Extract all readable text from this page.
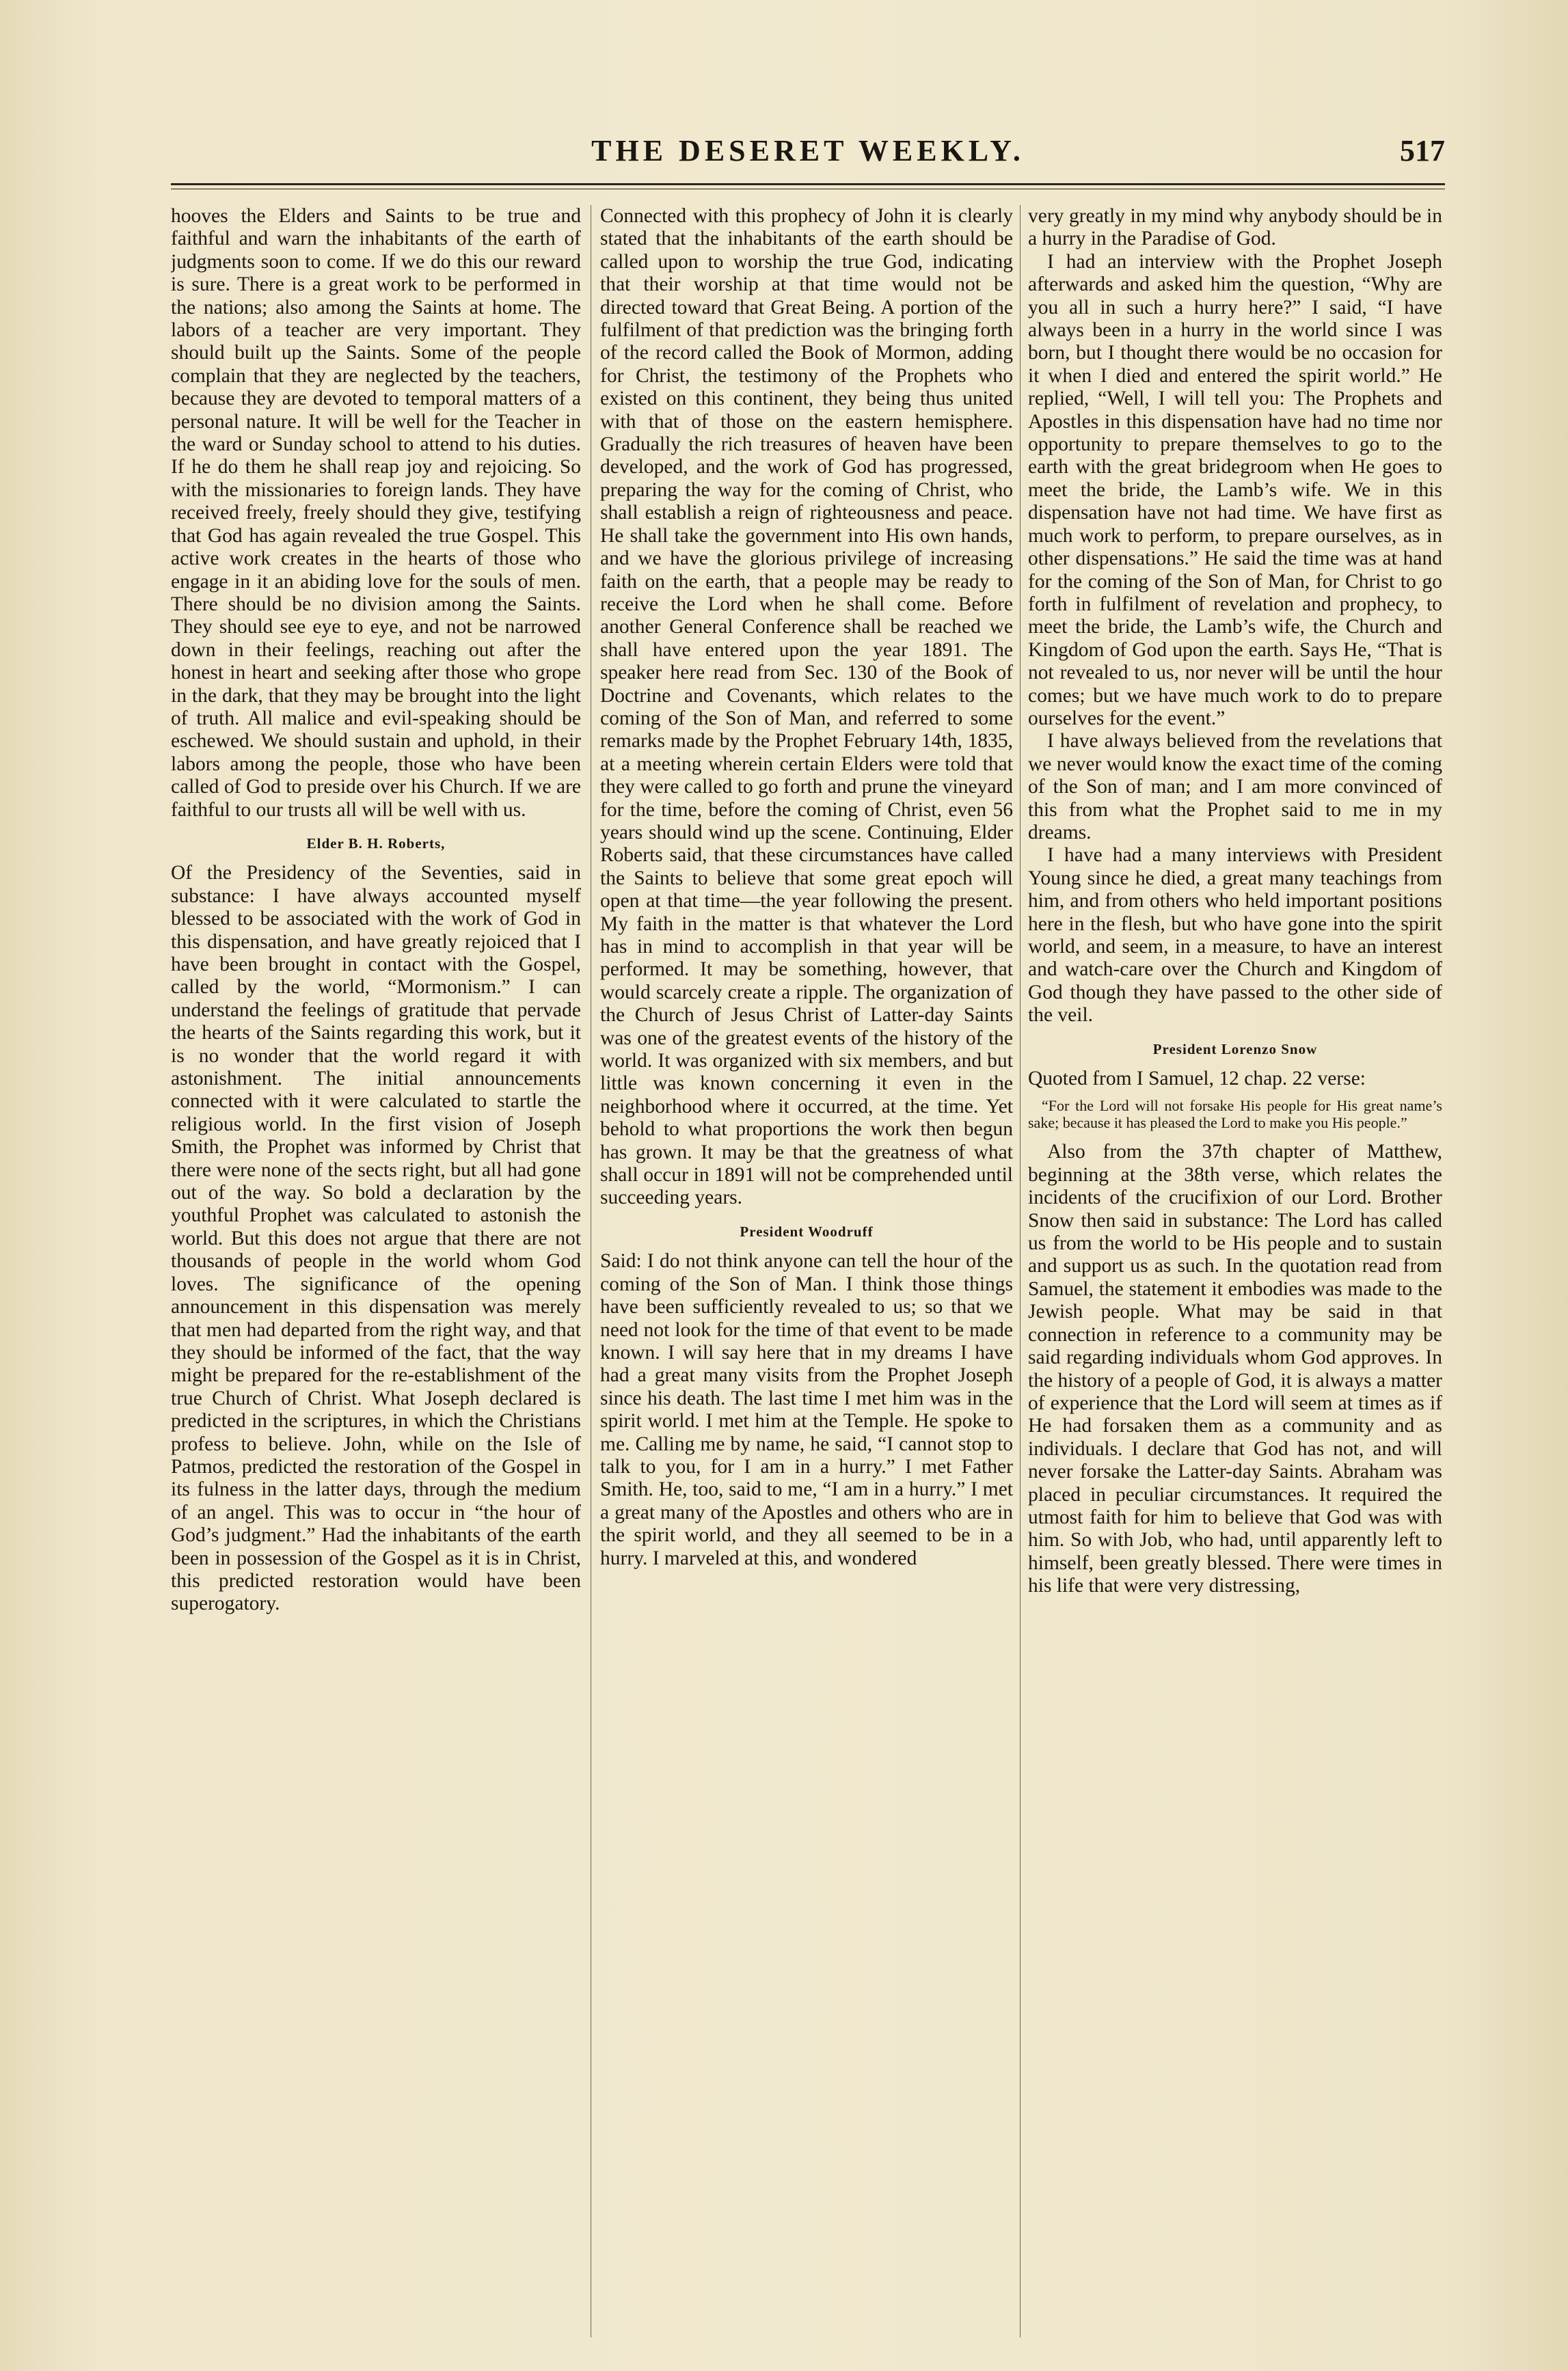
THE DESERET WEEKLY.	517

hooves the Elders and Saints to be true and faithful and warn the inhabitants of the earth of judgments soon to come. If we do this our reward is sure. There is a great work to be performed in the nations; also among the Saints at home. The labors of a teacher are very important. They should built up the Saints. Some of the people complain that they are neglected by the teachers, because they are devoted to temporal matters of a personal nature. It will be well for the Teacher in the ward or Sunday school to attend to his duties. If he do them he shall reap joy and rejoicing. So with the missionaries to foreign lands. They have received freely, freely should they give, testifying that God has again revealed the true Gospel. This active work creates in the hearts of those who engage in it an abiding love for the souls of men. There should be no division among the Saints. They should see eye to eye, and not be narrowed down in their feelings, reaching out after the honest in heart and seeking after those who grope in the dark, that they may be brought into the light of truth. All malice and evil-speaking should be eschewed. We should sustain and uphold, in their labors among the people, those who have been called of God to preside over his Church. If we are faithful to our trusts all will be well with us.

Elder B. H. Roberts,

Of the Presidency of the Seventies, said in substance: I have always accounted myself blessed to be associated with the work of God in this dispensation, and have greatly rejoiced that I have been brought in contact with the Gospel, called by the world, “Mormonism.” I can understand the feelings of gratitude that pervade the hearts of the Saints regarding this work, but it is no wonder that the world regard it with astonishment. The initial announcements connected with it were calculated to startle the religious world. In the first vision of Joseph Smith, the Prophet was informed by Christ that there were none of the sects right, but all had gone out of the way. So bold a declaration by the youthful Prophet was calculated to astonish the world. But this does not argue that there are not thousands of people in the world whom God loves. The significance of the opening announcement in this dispensation was merely that men had departed from the right way, and that they should be informed of the fact, that the way might be prepared for the re-establishment of the true Church of Christ. What Joseph declared is predicted in the scriptures, in which the Christians profess to believe. John, while on the Isle of Patmos, predicted the restoration of the Gospel in its fulness in the latter days, through the medium of an angel. This was to occur in “the hour of God’s judgment.” Had the inhabitants of the earth been in possession of the Gospel as it is in Christ, this predicted restoration would have been superogatory.

Connected with this prophecy of John it is clearly stated that the inhabitants of the earth should be called upon to worship the true God, indicating that their worship at that time would not be directed toward that Great Being. A portion of the fulfilment of that prediction was the bringing forth of the record called the Book of Mormon, adding for Christ, the testimony of the Prophets who existed on this continent, they being thus united with that of those on the eastern hemisphere. Gradually the rich treasures of heaven have been developed, and the work of God has progressed, preparing the way for the coming of Christ, who shall establish a reign of righteousness and peace. He shall take the government into His own hands, and we have the glorious privilege of increasing faith on the earth, that a people may be ready to receive the Lord when he shall come. Before another General Conference shall be reached we shall have entered upon the year 1891. The speaker here read from Sec. 130 of the Book of Doctrine and Covenants, which relates to the coming of the Son of Man, and referred to some remarks made by the Prophet February 14th, 1835, at a meeting wherein certain Elders were told that they were called to go forth and prune the vineyard for the time, before the coming of Christ, even 56 years should wind up the scene. Continuing, Elder Roberts said, that these circumstances have called the Saints to believe that some great epoch will open at that time—the year following the present. My faith in the matter is that whatever the Lord has in mind to accomplish in that year will be performed. It may be something, however, that would scarcely create a ripple. The organization of the Church of Jesus Christ of Latter-day Saints was one of the greatest events of the history of the world. It was organized with six members, and but little was known concerning it even in the neighborhood where it occurred, at the time. Yet behold to what proportions the work then begun has grown. It may be that the greatness of what shall occur in 1891 will not be comprehended until succeeding years.

President Woodruff

Said: I do not think anyone can tell the hour of the coming of the Son of Man. I think those things have been sufficiently revealed to us; so that we need not look for the time of that event to be made known. I will say here that in my dreams I have had a great many visits from the Prophet Joseph since his death. The last time I met him was in the spirit world. I met him at the Temple. He spoke to me. Calling me by name, he said, “I cannot stop to talk to you, for I am in a hurry.” I met Father Smith. He, too, said to me, “I am in a hurry.” I met a great many of the Apostles and others who are in the spirit world, and they all seemed to be in a hurry. I marveled at this, and wondered

very greatly in my mind why anybody should be in a hurry in the Paradise of God.

I had an interview with the Prophet Joseph afterwards and asked him the question, “Why are you all in such a hurry here?” I said, “I have always been in a hurry in the world since I was born, but I thought there would be no occasion for it when I died and entered the spirit world.” He replied, “Well, I will tell you: The Prophets and Apostles in this dispensation have had no time nor opportunity to prepare themselves to go to the earth with the great bridegroom when He goes to meet the bride, the Lamb’s wife. We in this dispensation have not had time. We have first as much work to perform, to prepare ourselves, as in other dispensations.” He said the time was at hand for the coming of the Son of Man, for Christ to go forth in fulfilment of revelation and prophecy, to meet the bride, the Lamb’s wife, the Church and Kingdom of God upon the earth. Says He, “That is not revealed to us, nor never will be until the hour comes; but we have much work to do to prepare ourselves for the event.”

I have always believed from the revelations that we never would know the exact time of the coming of the Son of man; and I am more convinced of this from what the Prophet said to me in my dreams.

I have had a many interviews with President Young since he died, a great many teachings from him, and from others who held important positions here in the flesh, but who have gone into the spirit world, and seem, in a measure, to have an interest and watch-care over the Church and Kingdom of God though they have passed to the other side of the veil.

President Lorenzo Snow

Quoted from I Samuel, 12 chap. 22 verse:

“For the Lord will not forsake His people for His great name’s sake; because it has pleased the Lord to make you His people.”

Also from the 37th chapter of Matthew, beginning at the 38th verse, which relates the incidents of the crucifixion of our Lord. Brother Snow then said in substance: The Lord has called us from the world to be His people and to sustain and support us as such. In the quotation read from Samuel, the statement it embodies was made to the Jewish people. What may be said in that connection in reference to a community may be said regarding individuals whom God approves. In the history of a people of God, it is always a matter of experience that the Lord will seem at times as if He had forsaken them as a community and as individuals. I declare that God has not, and will never forsake the Latter-day Saints. Abraham was placed in peculiar circumstances. It required the utmost faith for him to believe that God was with him. So with Job, who had, until apparently left to himself, been greatly blessed. There were times in his life that were very distressing,
